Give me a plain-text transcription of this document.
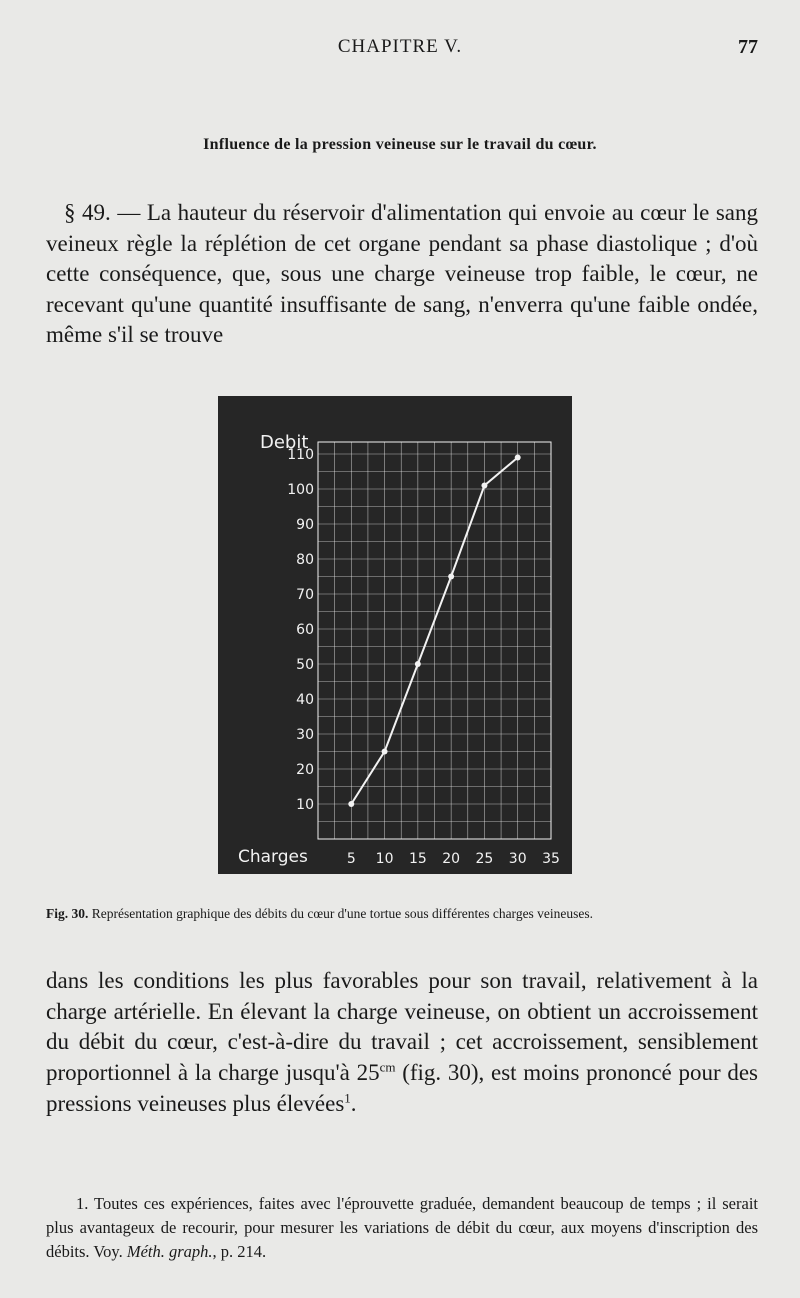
CHAPITRE V.	77
Influence de la pression veineuse sur le travail du cœur.
§ 49. — La hauteur du réservoir d'alimentation qui envoie au cœur le sang veineux règle la réplétion de cet organe pendant sa phase diastolique ; d'où cette conséquence, que, sous une charge veineuse trop faible, le cœur, ne recevant qu'une quantité insuffisante de sang, n'enverra qu'une faible ondée, même s'il se trouve
10
20
30
40
50
60
70
80
90
100
110
5 10 15 20 25 30 35
Debit
Charges
Fig. 30. Représentation graphique des débits du cœur d'une tortue sous différentes charges veineuses.
dans les conditions les plus favorables pour son travail, relativement à la charge artérielle. En élevant la charge veineuse, on obtient un accroissement du débit du cœur, c'est-à-dire du travail ; cet accroissement, sensiblement proportionnel à la charge jusqu'à $25^{cm}$ (fig. 30), est moins prononcé pour des pressions veineuses plus élevées$^1$.
1. Toutes ces expériences, faites avec l'éprouvette graduée, demandent beaucoup de temps ; il serait plus avantageux de recourir, pour mesurer les variations de débit du cœur, aux moyens d'inscription des débits. Voy. Méth. graph., p. 214.
